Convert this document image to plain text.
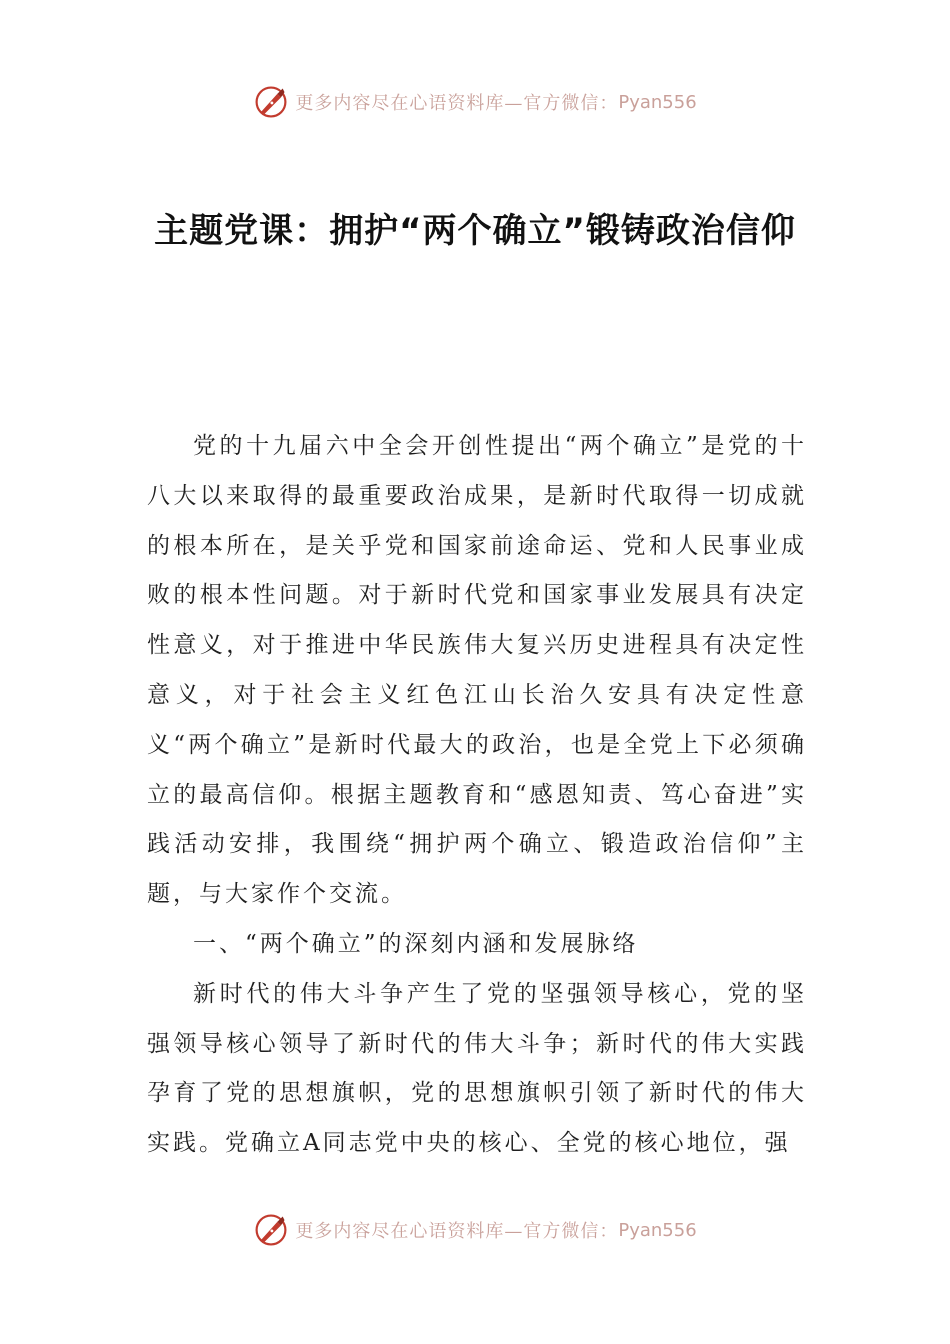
更多内容尽在心语资料库—官方微信： Pyan556
主题党课：拥护“两个确立”锻铸政治信仰

党的十九届六中全会开创性提出“两个确立”是党的十八大以来取得的最重要政治成果，是新时代取得一切成就的根本所在，是关乎党和国家前途命运、党和人民事业成败的根本性问题。对于新时代党和国家事业发展具有决定性意义，对于推进中华民族伟大复兴历史进程具有决定性意义，对于社会主义红色江山长治久安具有决定性意义“两个确立”是新时代最大的政治，也是全党上下必须确立的最高信仰。根据主题教育和“感恩知责、笃心奋进”实践活动安排，我围绕“拥护两个确立、锻造政治信仰”主题，与大家作个交流。

一、“两个确立”的深刻内涵和发展脉络

新时代的伟大斗争产生了党的坚强领导核心，党的坚强领导核心领导了新时代的伟大斗争；新时代的伟大实践孕育了党的思想旗帜，党的思想旗帜引领了新时代的伟大实践。党确立A同志党中央的核心、全党的核心地位，强

更多内容尽在心语资料库—官方微信： Pyan556
